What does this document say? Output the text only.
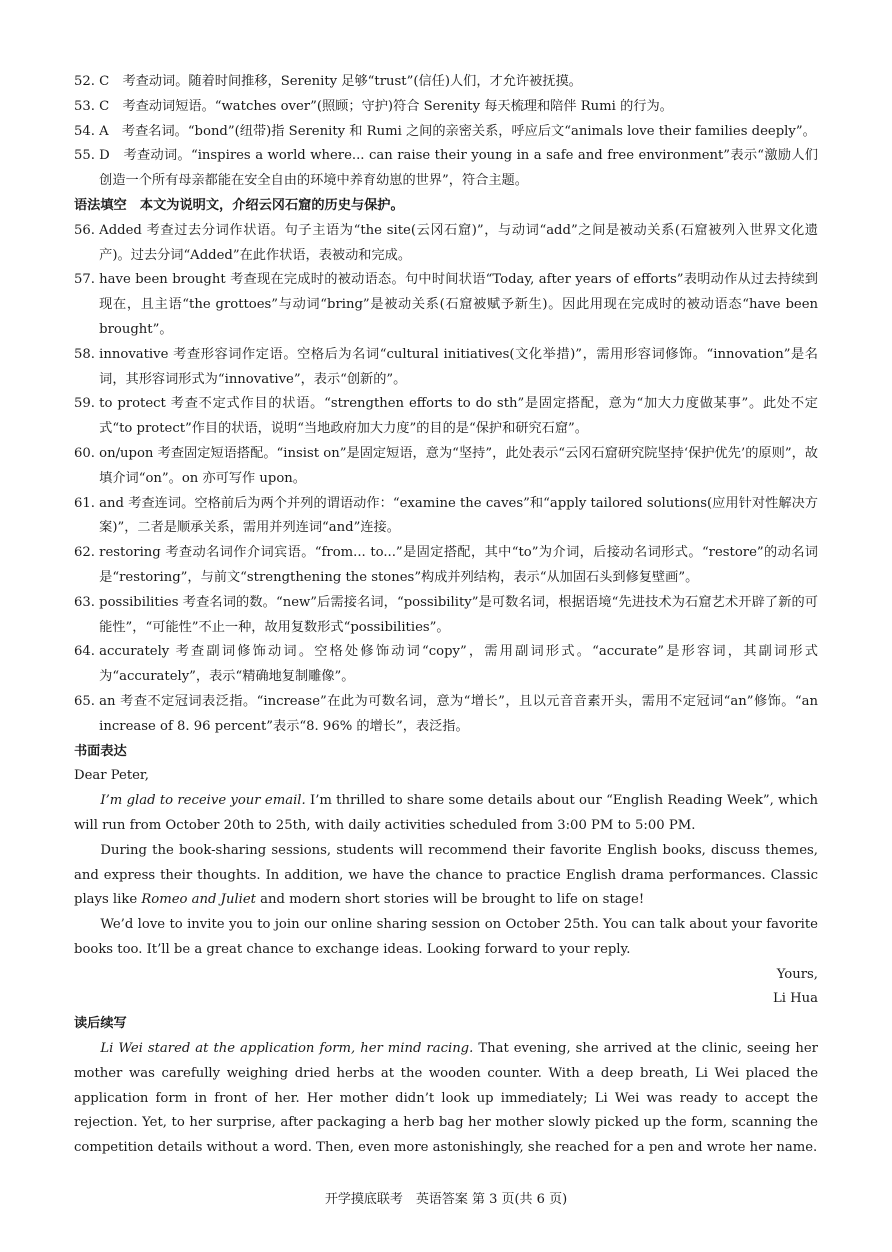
52. C　考查动词。随着时间推移，Serenity 足够“trust”(信任)人们，才允许被抚摸。
53. C　考查动词短语。“watches over”(照顾；守护)符合 Serenity 每天梳理和陪伴 Rumi 的行为。
54. A　考查名词。“bond”(纽带)指 Serenity 和 Rumi 之间的亲密关系，呼应后文“animals love their families deeply”。
55. D　考查动词。“inspires a world where... can raise their young in a safe and free environment”表示“激励人们创造一个所有母亲都能在安全自由的环境中养育幼崽的世界”，符合主题。
语法填空　本文为说明文，介绍云冈石窟的历史与保护。
56. Added 考查过去分词作状语。句子主语为“the site(云冈石窟)”，与动词“add”之间是被动关系(石窟被列入世界文化遗产)。过去分词“Added”在此作状语，表被动和完成。
57. have been brought 考查现在完成时的被动语态。句中时间状语“Today, after years of efforts”表明动作从过去持续到现在，且主语“the grottoes”与动词“bring”是被动关系(石窟被赋予新生)。因此用现在完成时的被动语态“have been brought”。
58. innovative 考查形容词作定语。空格后为名词“cultural initiatives(文化举措)”，需用形容词修饰。“innovation”是名词，其形容词形式为“innovative”，表示“创新的”。
59. to protect 考查不定式作目的状语。“strengthen efforts to do sth”是固定搭配，意为“加大力度做某事”。此处不定式“to protect”作目的状语，说明“当地政府加大力度”的目的是“保护和研究石窟”。
60. on/upon 考查固定短语搭配。“insist on”是固定短语，意为“坚持”，此处表示“云冈石窟研究院坚持‘保护优先’的原则”，故填介词“on”。on 亦可写作 upon。
61. and 考查连词。空格前后为两个并列的谓语动作：“examine the caves”和“apply tailored solutions(应用针对性解决方案)”，二者是顺承关系，需用并列连词“and”连接。
62. restoring 考查动名词作介词宾语。“from... to...”是固定搭配，其中“to”为介词，后接动名词形式。“restore”的动名词是“restoring”，与前文“strengthening the stones”构成并列结构，表示“从加固石头到修复壁画”。
63. possibilities 考查名词的数。“new”后需接名词，“possibility”是可数名词，根据语境“先进技术为石窟艺术开辟了新的可能性”，“可能性”不止一种，故用复数形式“possibilities”。
64. accurately 考查副词修饰动词。空格处修饰动词“copy”，需用副词形式。“accurate”是形容词，其副词形式为“accurately”，表示“精确地复制雕像”。
65. an 考查不定冠词表泛指。“increase”在此为可数名词，意为“增长”，且以元音音素开头，需用不定冠词“an”修饰。“an increase of 8. 96 percent”表示“8. 96% 的增长”，表泛指。
书面表达
Dear Peter,
I’m glad to receive your email. I’m thrilled to share some details about our “English Reading Week”, which will run from October 20th to 25th, with daily activities scheduled from 3:00 PM to 5:00 PM.
During the book-sharing sessions, students will recommend their favorite English books, discuss themes, and express their thoughts. In addition, we have the chance to practice English drama performances. Classic plays like Romeo and Juliet and modern short stories will be brought to life on stage!
We’d love to invite you to join our online sharing session on October 25th. You can talk about your favorite books too. It’ll be a great chance to exchange ideas. Looking forward to your reply.
Yours,
Li Hua
读后续写
Li Wei stared at the application form, her mind racing. That evening, she arrived at the clinic, seeing her mother was carefully weighing dried herbs at the wooden counter. With a deep breath, Li Wei placed the application form in front of her. Her mother didn’t look up immediately; Li Wei was ready to accept the rejection. Yet, to her surprise, after packaging a herb bag her mother slowly picked up the form, scanning the competition details without a word. Then, even more astonishingly, she reached for a pen and wrote her name.
开学摸底联考　英语答案 第 3 页(共 6 页)
